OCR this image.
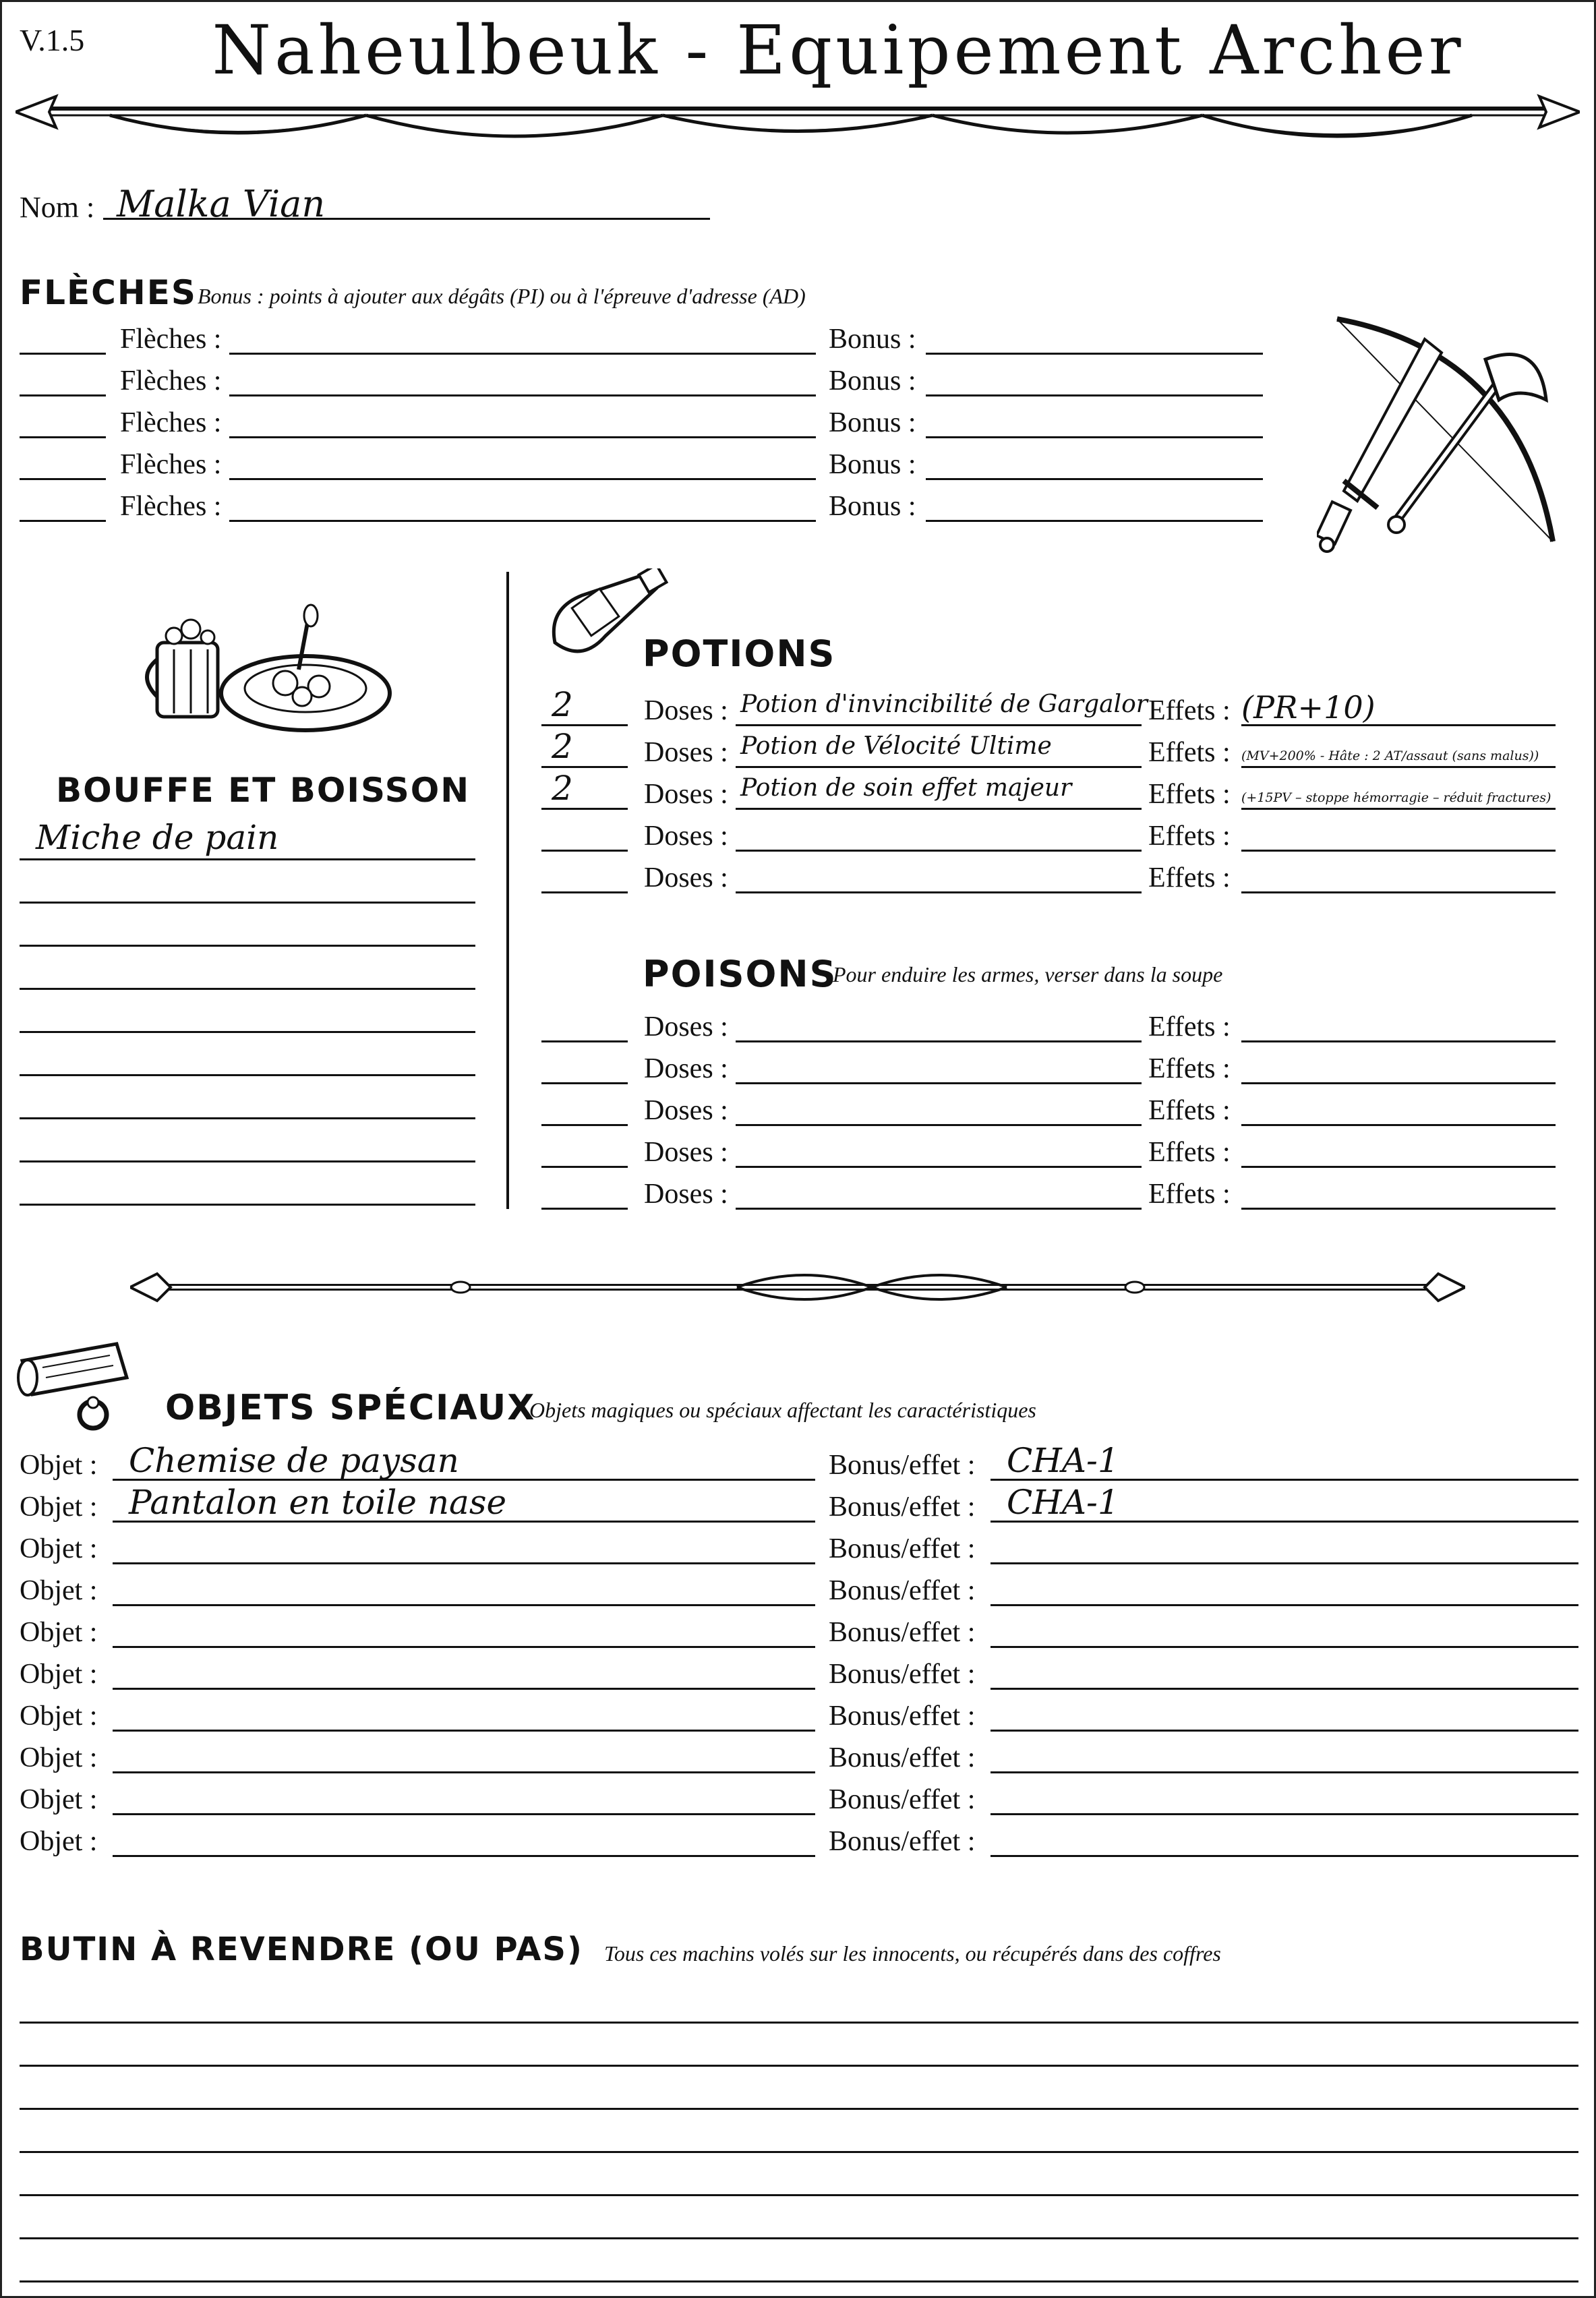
V.1.5 Naheulbeuk - Equipement Archer
Nom : Malka Vian
FLÈCHES Bonus : points à ajouter aux dégâts (PI) ou à l'épreuve d'adresse (AD)
Flèches :	Bonus :
Flèches :	Bonus :
Flèches :	Bonus :
Flèches :	Bonus :
Flèches :	Bonus :
BOUFFE ET BOISSON
Miche de pain
POTIONS
2	Doses : Potion d'invincibilité de Gargalor Effets : (PR+10)
2	Doses : Potion de Vélocité Ultime	Effets : (MV+200% - Hâte : 2 AT/assaut (sans malus))
2	Doses : Potion de soin effet majeur	Effets : (+15PV – stoppe hémorragie – réduit fractures)
Doses :	Effets :
Doses :	Effets :
POISONS
Pour enduire les armes, verser dans la soupe
Doses :	Effets :
Doses :	Effets :
Doses :	Effets :
Doses :	Effets :
Doses :	Effets :
OBJETS SPÉCIAUX
Objets magiques ou spéciaux affectant les caractéristiques
Objet : Chemise de paysan	Bonus/effet : CHA-1
Objet : Pantalon en toile nase	Bonus/effet : CHA-1
Objet :	Bonus/effet :
Objet :	Bonus/effet :
Objet :	Bonus/effet :
Objet :	Bonus/effet :
Objet :	Bonus/effet :
Objet :	Bonus/effet :
Objet :	Bonus/effet :
Objet :	Bonus/effet :
BUTIN À REVENDRE (OU PAS) Tous ces machins volés sur les innocents, ou récupérés dans des coffres
